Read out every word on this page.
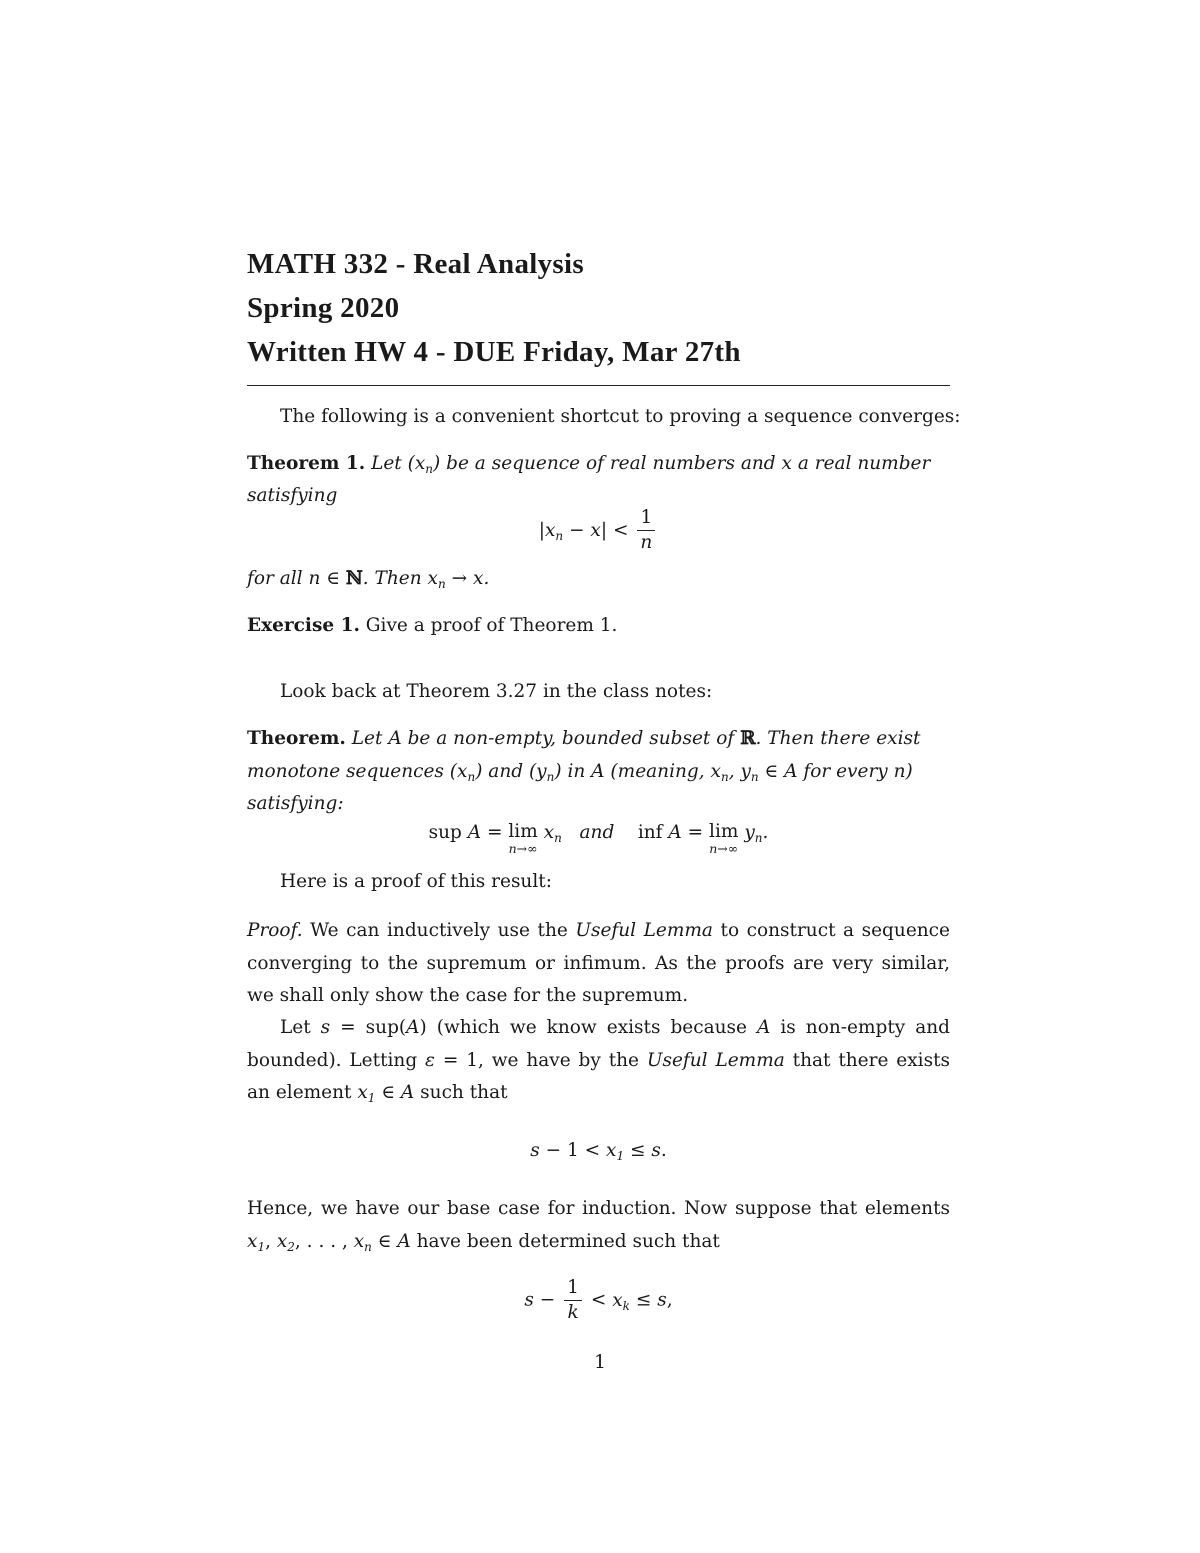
MATH 332 - Real Analysis
Spring 2020
Written HW 4 - DUE Friday, Mar 27th
The following is a convenient shortcut to proving a sequence converges:
Theorem 1. Let $(x_n)$ be a sequence of real numbers and x a real number
satisfying
$|x_n - x| < \frac{1}{n}$
for all n ∈ ℕ. Then $x_n \to x$.
Exercise 1. Give a proof of Theorem 1.
Look back at Theorem 3.27 in the class notes:
Theorem. Let A be a non-empty, bounded subset of ℝ. Then there exist
monotone sequences $(x_n)$ and $(y_n)$ in A (meaning, $x_n$, $y_n$ ∈ A for every n)
satisfying:
sup A = lim
n→∞
$x_n$ and    inf A = lim
n→∞
$y_n$.
Here is a proof of this result:
Proof. We can inductively use the Useful Lemma to construct a sequence converging to the supremum or infimum. As the proofs are very similar, we shall only show the case for the supremum.
Let s = sup(A) (which we know exists because A is non-empty and bounded). Letting ε = 1, we have by the Useful Lemma that there exists an element $x_1$ ∈ A such that
$s - 1 < x_1 \le s$.
Hence, we have our base case for induction. Now suppose that elements $x_1$, $x_2$, . . . , $x_n$ ∈ A have been determined such that
$s - \frac{1}{k} < x_k \le s$,
1
